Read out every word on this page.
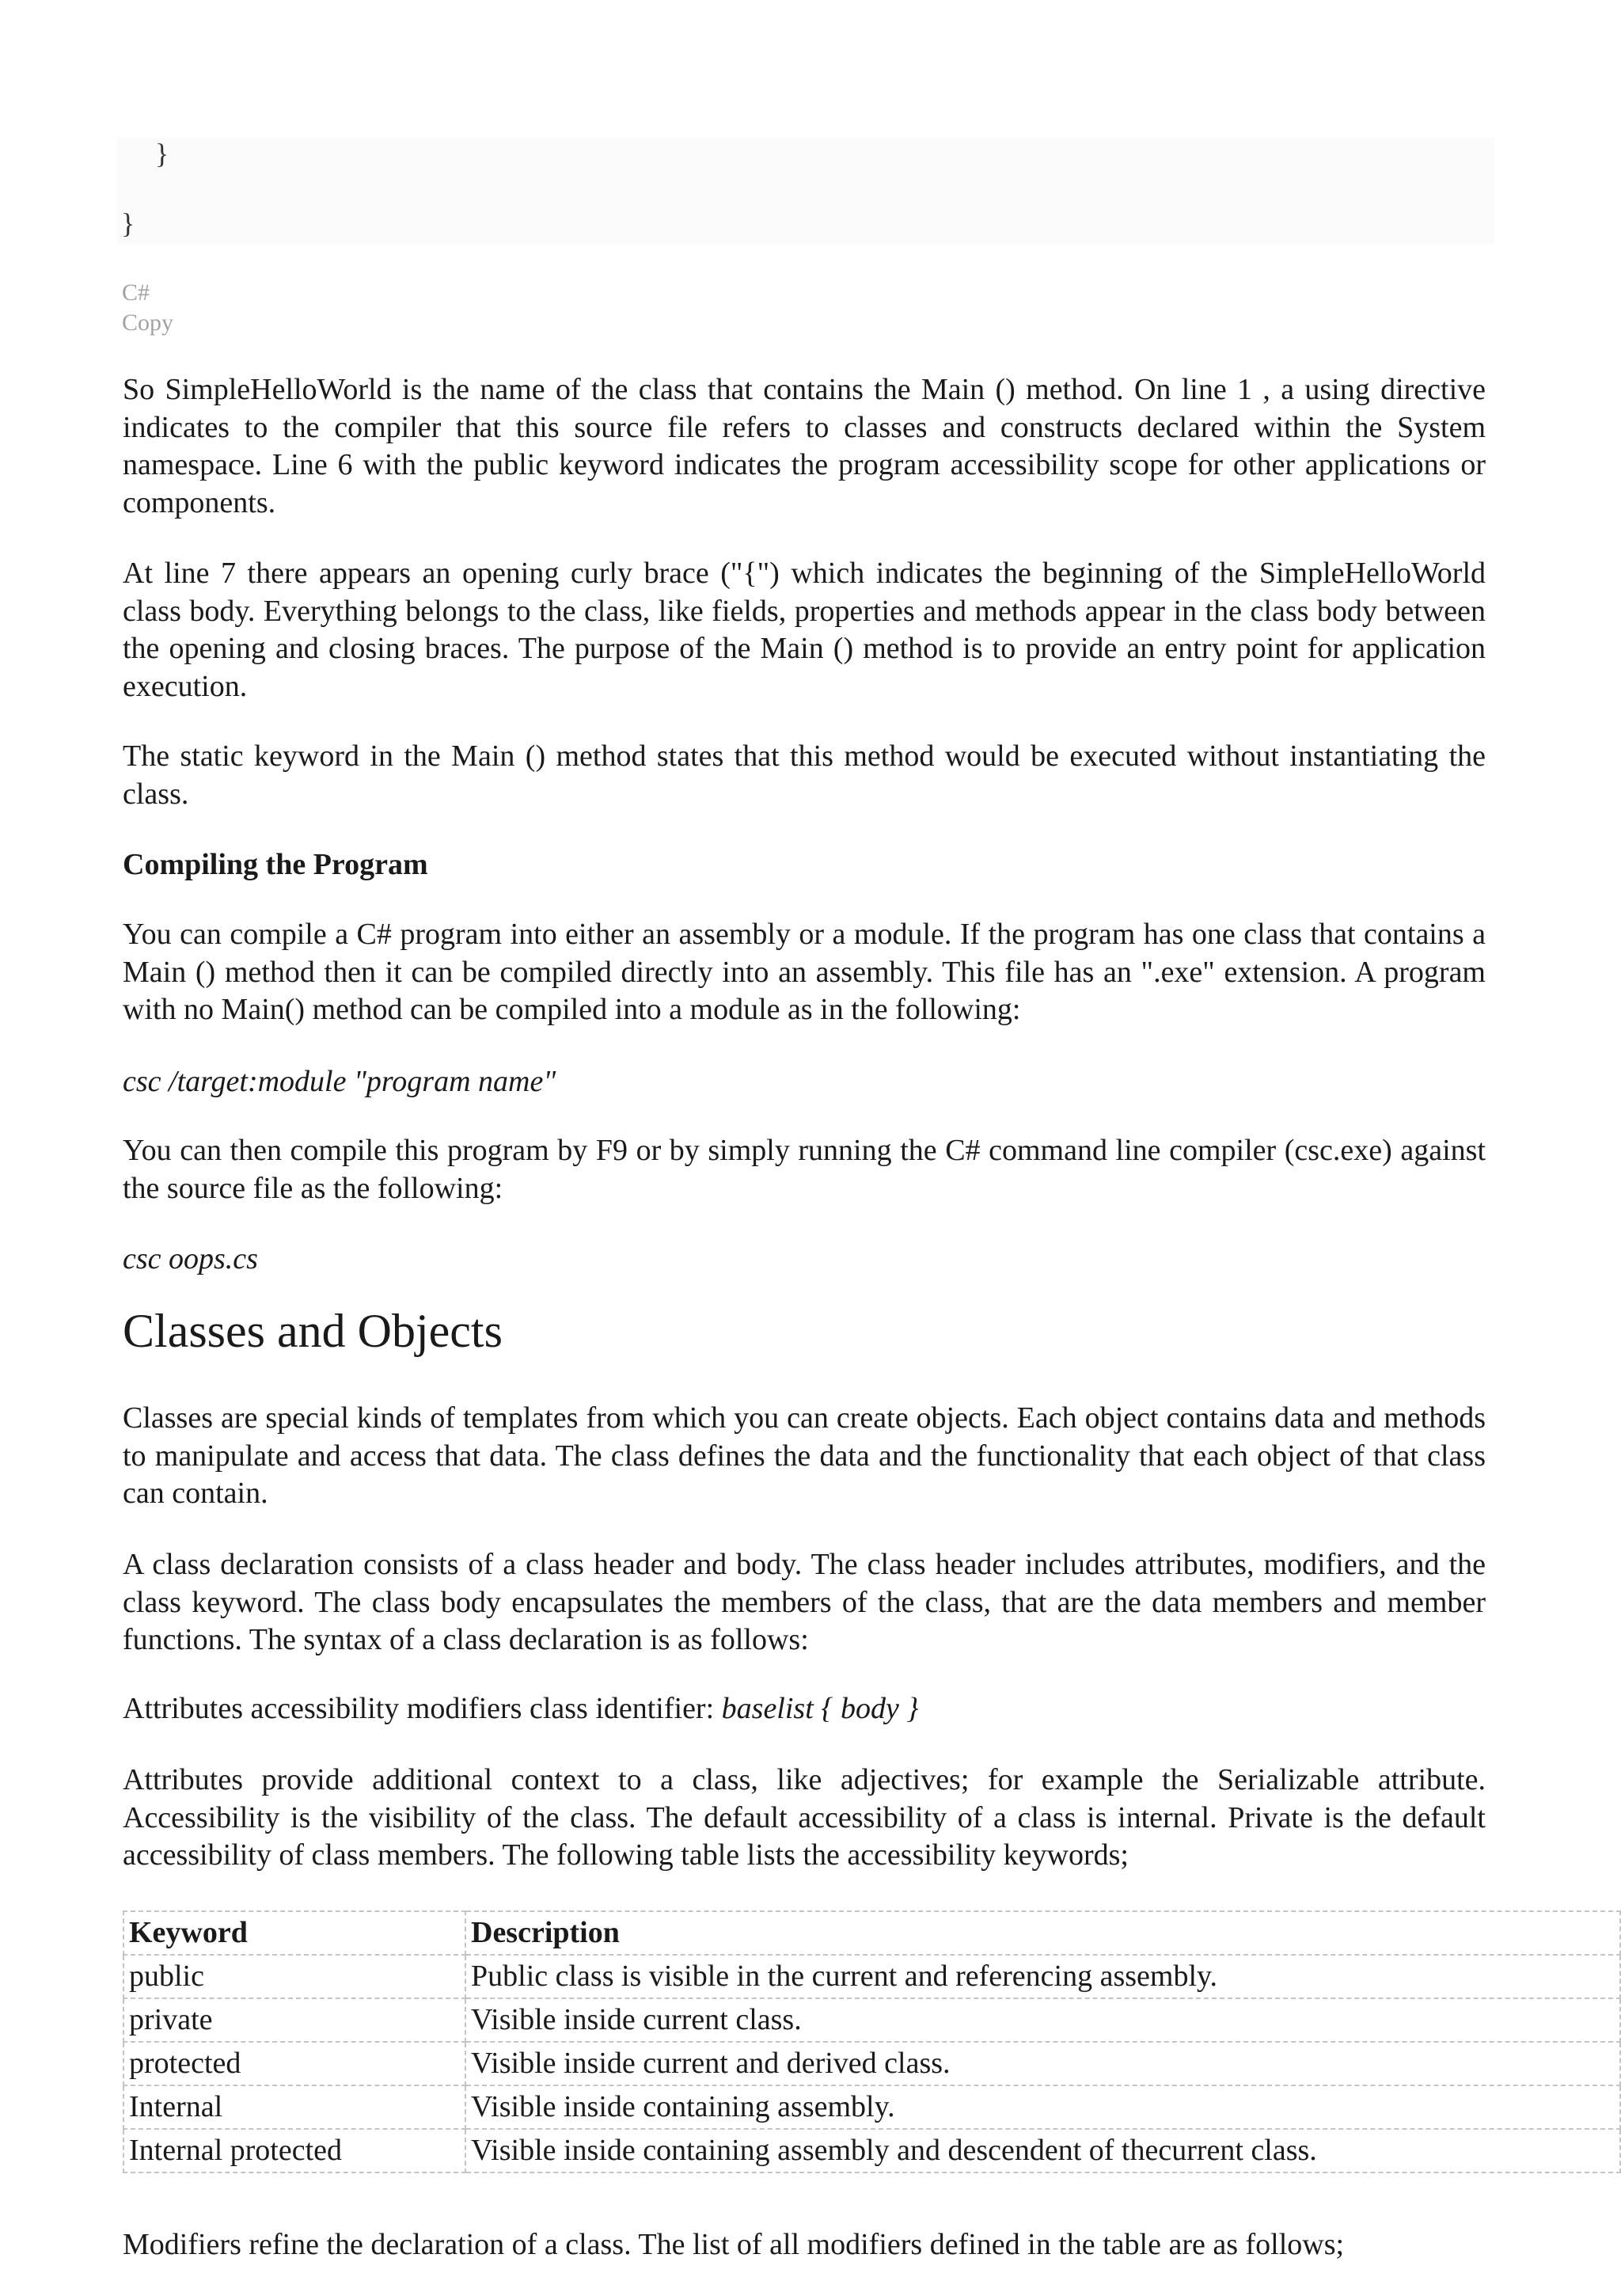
}
}
C#
Copy

So SimpleHelloWorld is the name of the class that contains the Main () method. On line 1 , a using directive indicates to the compiler that this source file refers to classes and constructs declared within the System namespace. Line 6 with the public keyword indicates the program accessibility scope for other applications or components.

At line 7 there appears an opening curly brace ("{") which indicates the beginning of the SimpleHelloWorld class body. Everything belongs to the class, like fields, properties and methods appear in the class body between the opening and closing braces. The purpose of the Main () method is to provide an entry point for application execution.

The static keyword in the Main () method states that this method would be executed without instantiating the class.

Compiling the Program

You can compile a C# program into either an assembly or a module. If the program has one class that contains a Main () method then it can be compiled directly into an assembly. This file has an ".exe" extension. A program with no Main() method can be compiled into a module as in the following:

csc /target:module "program name"

You can then compile this program by F9 or by simply running the C# command line compiler (csc.exe) against the source file as the following:

csc oops.cs

Classes and Objects

Classes are special kinds of templates from which you can create objects. Each object contains data and methods to manipulate and access that data. The class defines the data and the functionality that each object of that class can contain.

A class declaration consists of a class header and body. The class header includes attributes, modifiers, and the class keyword. The class body encapsulates the members of the class, that are the data members and member functions. The syntax of a class declaration is as follows:

Attributes accessibility modifiers class identifier: baselist { body }

Attributes provide additional context to a class, like adjectives; for example the Serializable attribute. Accessibility is the visibility of the class. The default accessibility of a class is internal. Private is the default accessibility of class members. The following table lists the accessibility keywords;

Keyword	Description
public	Public class is visible in the current and referencing assembly.
private	Visible inside current class.
protected	Visible inside current and derived class.
Internal	Visible inside containing assembly.
Internal protected	Visible inside containing assembly and descendent of thecurrent class.

Modifiers refine the declaration of a class. The list of all modifiers defined in the table are as follows;
